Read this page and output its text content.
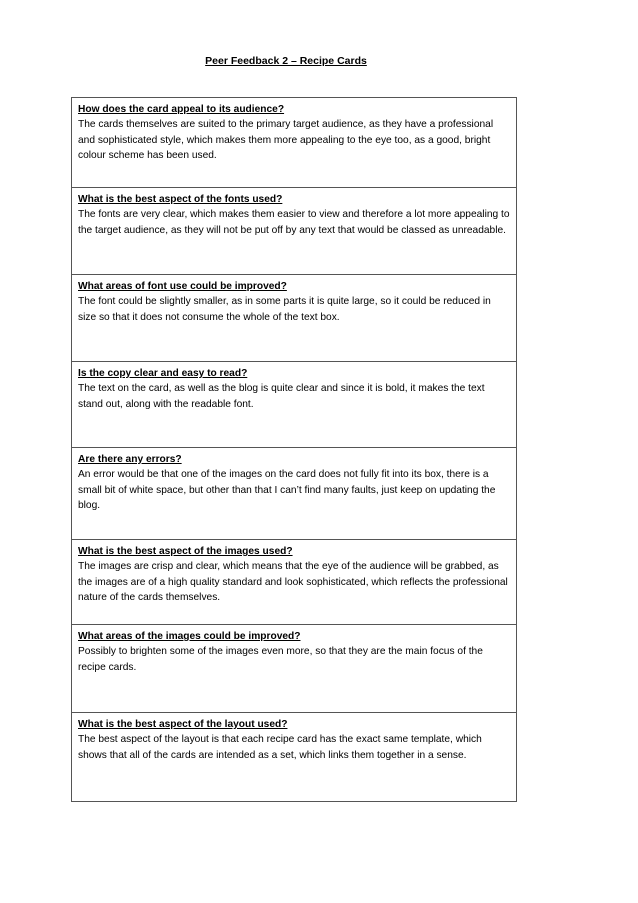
Peer Feedback 2 – Recipe Cards
How does the card appeal to its audience?
The cards themselves are suited to the primary target audience, as they have a professional and sophisticated style, which makes them more appealing to the eye too, as a good, bright colour scheme has been used.
What is the best aspect of the fonts used?
The fonts are very clear, which makes them easier to view and therefore a lot more appealing to the target audience, as they will not be put off by any text that would be classed as unreadable.
What areas of font use could be improved?
The font could be slightly smaller, as in some parts it is quite large, so it could be reduced in size so that it does not consume the whole of the text box.
Is the copy clear and easy to read?
The text on the card, as well as the blog is quite clear and since it is bold, it makes the text stand out, along with the readable font.
Are there any errors?
An error would be that one of the images on the card does not fully fit into its box, there is a small bit of white space, but other than that I can’t find many faults, just keep on updating the blog.
What is the best aspect of the images used?
The images are crisp and clear, which means that the eye of the audience will be grabbed, as the images are of a high quality standard and look sophisticated, which reflects the professional nature of the cards themselves.
What areas of the images could be improved?
Possibly to brighten some of the images even more, so that they are the main focus of the recipe cards.
What is the best aspect of the layout used?
The best aspect of the layout is that each recipe card has the exact same template, which shows that all of the cards are intended as a set, which links them together in a sense.
